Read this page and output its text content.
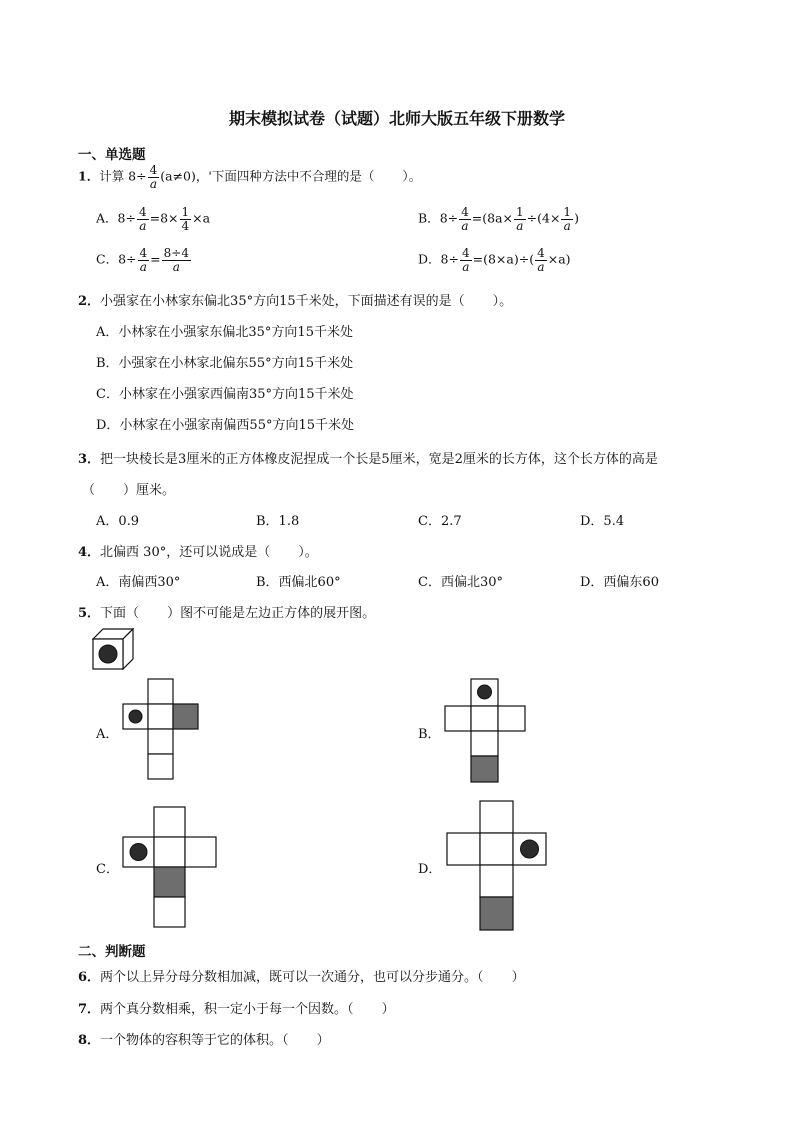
期末模拟试卷（试题）北师大版五年级下册数学
一、单选题
1．计算 $8\div \frac{4}{a} (a\ne 0)$，'下面四种方法中不合理的是（ ）。
A．$8\div \frac{4}{a} =8\times \frac{1}{4} \times a$	B．$8\div \frac{4}{a} =(8a\times \frac{1}{a} \div(4\times \frac{1}{a}$ )
C．$8\div \frac{4}{a} = \frac{8\div 4}{a}$	D．$8\div \frac{4}{a} =(8\times a)\div( \frac{4}{a} \times a)$
2．小强家在小林家东偏北35°方向15千米处，下面描述有误的是（ ）。
A．小林家在小强家东偏北35°方向15千米处
B．小强家在小林家北偏东55°方向15千米处
C．小林家在小强家西偏南35°方向15千米处
D．小林家在小强家南偏西55°方向15千米处
3．把一块棱长是3厘米的正方体橡皮泥捏成一个长是5厘米，宽是2厘米的长方体，这个长方体的高是
（ ）厘米。
A．0.9	B．1.8	C．2.7	D．5.4
4．北偏西 30°，还可以说成是（ ）。
A．南偏西30°	B．西偏北60°	C．西偏北30°	D．西偏东60
5．下面（ ）图不可能是左边正方体的展开图。
A．	B．
C．	D．
二、判断题
6．两个以上异分母分数相加减，既可以一次通分，也可以分步通分。（ ）
7．两个真分数相乘，积一定小于每一个因数。（ ）
8．一个物体的容积等于它的体积。（ ）
